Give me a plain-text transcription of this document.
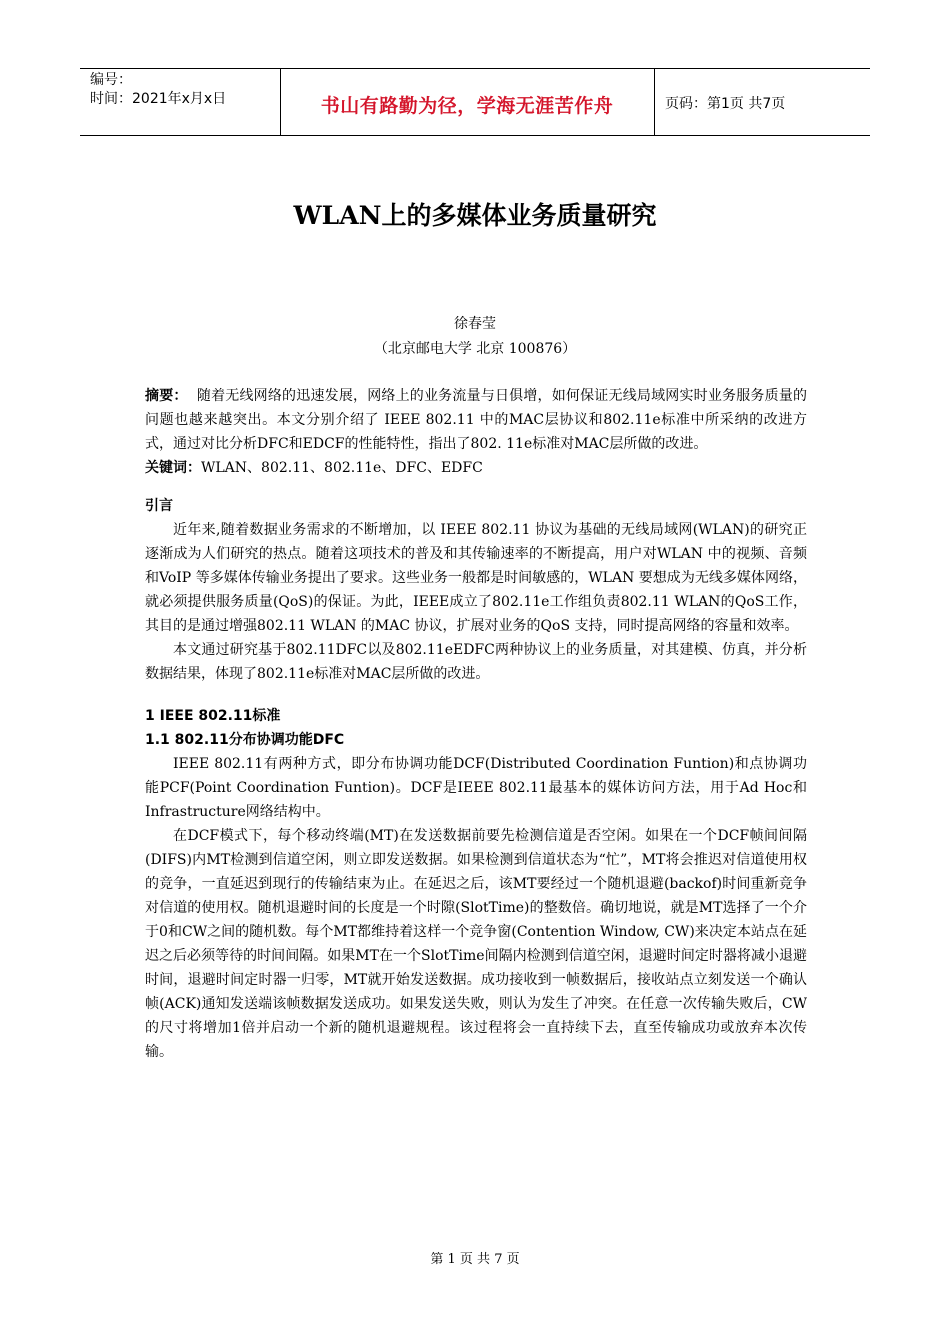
编号：
时间：2021年x月x日	书山有路勤为径，学海无涯苦作舟	页码：第1页 共7页
WLAN上的多媒体业务质量研究
徐春莹
（北京邮电大学 北京 100876）

摘要： 随着无线网络的迅速发展，网络上的业务流量与日俱增，如何保证无线局域网实时业务服务质量的问题也越来越突出。本文分别介绍了 IEEE 802.11 中的MAC层协议和802.11e标准中所采纳的改进方式，通过对比分析DFC和EDCF的性能特性，指出了802. 11e标准对MAC层所做的改进。

关键词：WLAN、802.11、802.11e、DFC、EDFC

引言

近年来,随着数据业务需求的不断增加，以 IEEE 802.11 协议为基础的无线局域网(WLAN)的研究正逐渐成为人们研究的热点。随着这项技术的普及和其传输速率的不断提高，用户对WLAN 中的视频、音频和VoIP 等多媒体传输业务提出了要求。这些业务一般都是时间敏感的，WLAN 要想成为无线多媒体网络，就必须提供服务质量(QoS)的保证。为此，IEEE成立了802.11e工作组负责802.11 WLAN的QoS工作，其目的是通过增强802.11 WLAN 的MAC 协议，扩展对业务的QoS 支持，同时提高网络的容量和效率。

本文通过研究基于802.11DFC以及802.11eEDFC两种协议上的业务质量，对其建模、仿真，并分析数据结果，体现了802.11e标准对MAC层所做的改进。

1 IEEE 802.11标准

1.1 802.11分布协调功能DFC

IEEE 802.11有两种方式，即分布协调功能DCF(Distributed Coordination Funtion)和点协调功能PCF(Point Coordination Funtion)。DCF是IEEE 802.11最基本的媒体访问方法，用于Ad Hoc和Infrastructure网络结构中。

在DCF模式下，每个移动终端(MT)在发送数据前要先检测信道是否空闲。如果在一个DCF帧间间隔(DIFS)内MT检测到信道空闲，则立即发送数据。如果检测到信道状态为“忙”，MT将会推迟对信道使用权的竞争，一直延迟到现行的传输结束为止。在延迟之后，该MT要经过一个随机退避(backof)时间重新竞争对信道的使用权。随机退避时间的长度是一个时隙(SlotTime)的整数倍。确切地说，就是MT选择了一个介于0和CW之间的随机数。每个MT都维持着这样一个竞争窗(Contention Window, CW)来决定本站点在延迟之后必须等待的时间间隔。如果MT在一个SlotTime间隔内检测到信道空闲，退避时间定时器将减小退避时间，退避时间定时器一归零，MT就开始发送数据。成功接收到一帧数据后，接收站点立刻发送一个确认帧(ACK)通知发送端该帧数据发送成功。如果发送失败，则认为发生了冲突。在任意一次传输失败后，CW的尺寸将增加1倍并启动一个新的随机退避规程。该过程将会一直持续下去，直至传输成功或放弃本次传输。

第 1 页 共 7 页
